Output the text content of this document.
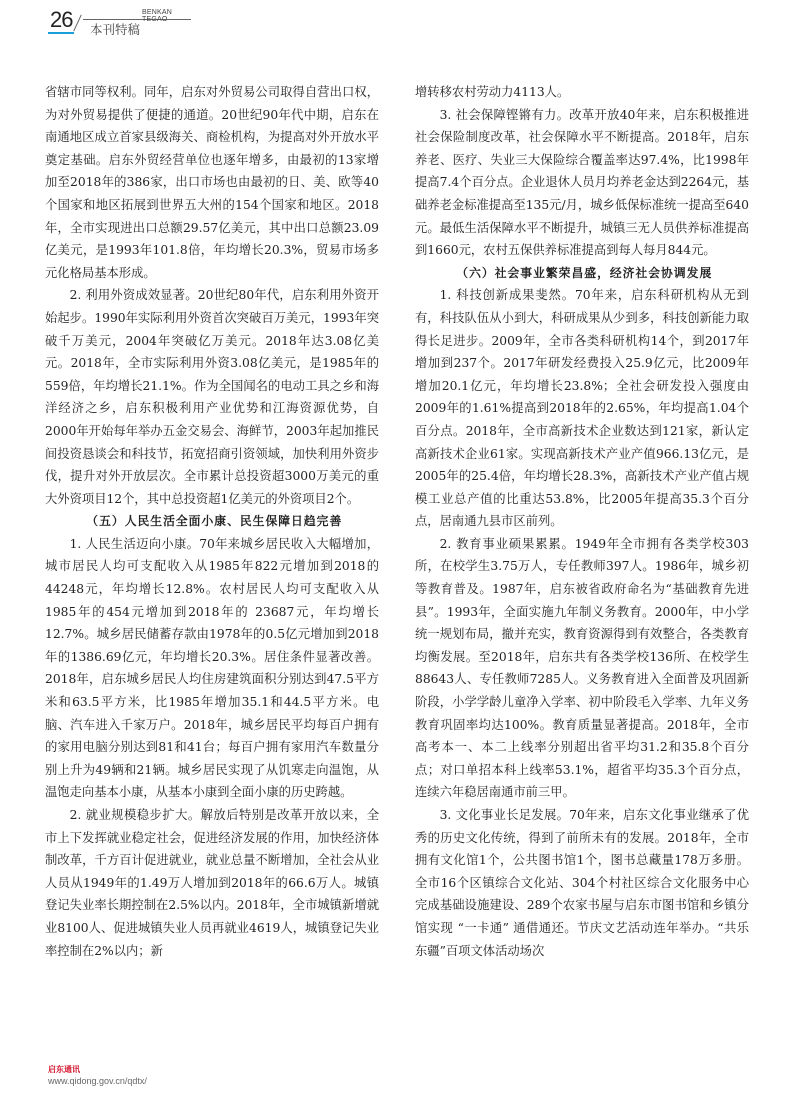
26	BENKAN TEGAO
本刊特稿

省辖市同等权利。同年，启东对外贸易公司取得自营出口权，为对外贸易提供了便捷的通道。20世纪90年代中期，启东在南通地区成立首家县级海关、商检机构，为提高对外开放水平奠定基础。启东外贸经营单位也逐年增多，由最初的13家增加至2018年的386家，出口市场也由最初的日、美、欧等40个国家和地区拓展到世界五大州的154个国家和地区。2018年，全市实现进出口总额29.57亿美元，其中出口总额23.09亿美元，是1993年101.8倍，年均增长20.3%，贸易市场多元化格局基本形成。

2. 利用外资成效显著。20世纪80年代，启东利用外资开始起步。1990年实际利用外资首次突破百万美元，1993年突破千万美元，2004年突破亿万美元。2018年达3.08亿美元。2018年，全市实际利用外资3.08亿美元，是1985年的559倍，年均增长21.1%。作为全国闻名的电动工具之乡和海洋经济之乡，启东积极利用产业优势和江海资源优势，自2000年开始每年举办五金交易会、海鲜节，2003年起加推民间投资恳谈会和科技节，拓宽招商引资领域，加快利用外资步伐，提升对外开放层次。全市累计总投资超3000万美元的重大外资项目12个，其中总投资超1亿美元的外资项目2个。

（五）人民生活全面小康、民生保障日趋完善

1. 人民生活迈向小康。70年来城乡居民收入大幅增加，城市居民人均可支配收入从1985年822元增加到2018的44248元，年均增长12.8%。农村居民人均可支配收入从1985年的454元增加到2018年的 23687元，年均增长12.7%。城乡居民储蓄存款由1978年的0.5亿元增加到2018年的1386.69亿元，年均增长20.3%。居住条件显著改善。2018年，启东城乡居民人均住房建筑面积分别达到47.5平方米和63.5平方米，比1985年增加35.1和44.5平方米。电脑、汽车进入千家万户。2018年，城乡居民平均每百户拥有的家用电脑分别达到81和41台；每百户拥有家用汽车数量分别上升为49辆和21辆。城乡居民实现了从饥寒走向温饱，从温饱走向基本小康，从基本小康到全面小康的历史跨越。

2. 就业规模稳步扩大。解放后特别是改革开放以来，全市上下发挥就业稳定社会，促进经济发展的作用，加快经济体制改革，千方百计促进就业，就业总量不断增加，全社会从业人员从1949年的1.49万人增加到2018年的66.6万人。城镇登记失业率长期控制在2.5%以内。2018年，全市城镇新增就业8100人、促进城镇失业人员再就业4619人，城镇登记失业率控制在2%以内；新

增转移农村劳动力4113人。

3. 社会保障铿锵有力。改革开放40年来，启东积极推进社会保险制度改革，社会保障水平不断提高。2018年，启东养老、医疗、失业三大保险综合覆盖率达97.4%，比1998年提高7.4个百分点。企业退休人员月均养老金达到2264元，基础养老金标准提高至135元/月，城乡低保标准统一提高至640元。最低生活保障水平不断提升，城镇三无人员供养标准提高到1660元，农村五保供养标准提高到每人每月844元。

（六）社会事业繁荣昌盛，经济社会协调发展

1. 科技创新成果斐然。70年来，启东科研机构从无到有，科技队伍从小到大，科研成果从少到多，科技创新能力取得长足进步。2009年，全市各类科研机构14个，到2017年增加到237个。2017年研发经费投入25.9亿元，比2009年增加20.1亿元，年均增长23.8%；全社会研发投入强度由2009年的1.61%提高到2018年的2.65%，年均提高1.04个百分点。2018年，全市高新技术企业数达到121家，新认定高新技术企业61家。实现高新技术产业产值966.13亿元，是2005年的25.4倍，年均增长28.3%，高新技术产业产值占规模工业总产值的比重达53.8%，比2005年提高35.3个百分点，居南通九县市区前列。

2. 教育事业硕果累累。1949年全市拥有各类学校303所，在校学生3.75万人，专任教师397人。1986年，城乡初等教育普及。1987年，启东被省政府命名为“基础教育先进县”。1993年，全面实施九年制义务教育。2000年，中小学统一规划布局，撤并充实，教育资源得到有效整合，各类教育均衡发展。至2018年，启东共有各类学校136所、在校学生88643人、专任教师7285人。义务教育进入全面普及巩固新阶段，小学学龄儿童净入学率、初中阶段毛入学率、九年义务教育巩固率均达100%。教育质量显著提高。2018年，全市高考本一、本二上线率分别超出省平均31.2和35.8个百分点；对口单招本科上线率53.1%，超省平均35.3个百分点，连续六年稳居南通市前三甲。

3. 文化事业长足发展。70年来，启东文化事业继承了优秀的历史文化传统，得到了前所未有的发展。2018年，全市拥有文化馆1个，公共图书馆1个，图书总藏量178万多册。全市16个区镇综合文化站、304个村社区综合文化服务中心完成基础设施建设、289个农家书屋与启东市图书馆和乡镇分馆实现 “一卡通” 通借通还。节庆文艺活动连年举办。“共乐东疆”百项文体活动场次

启东通讯
www.qidong.gov.cn/qdtx/
